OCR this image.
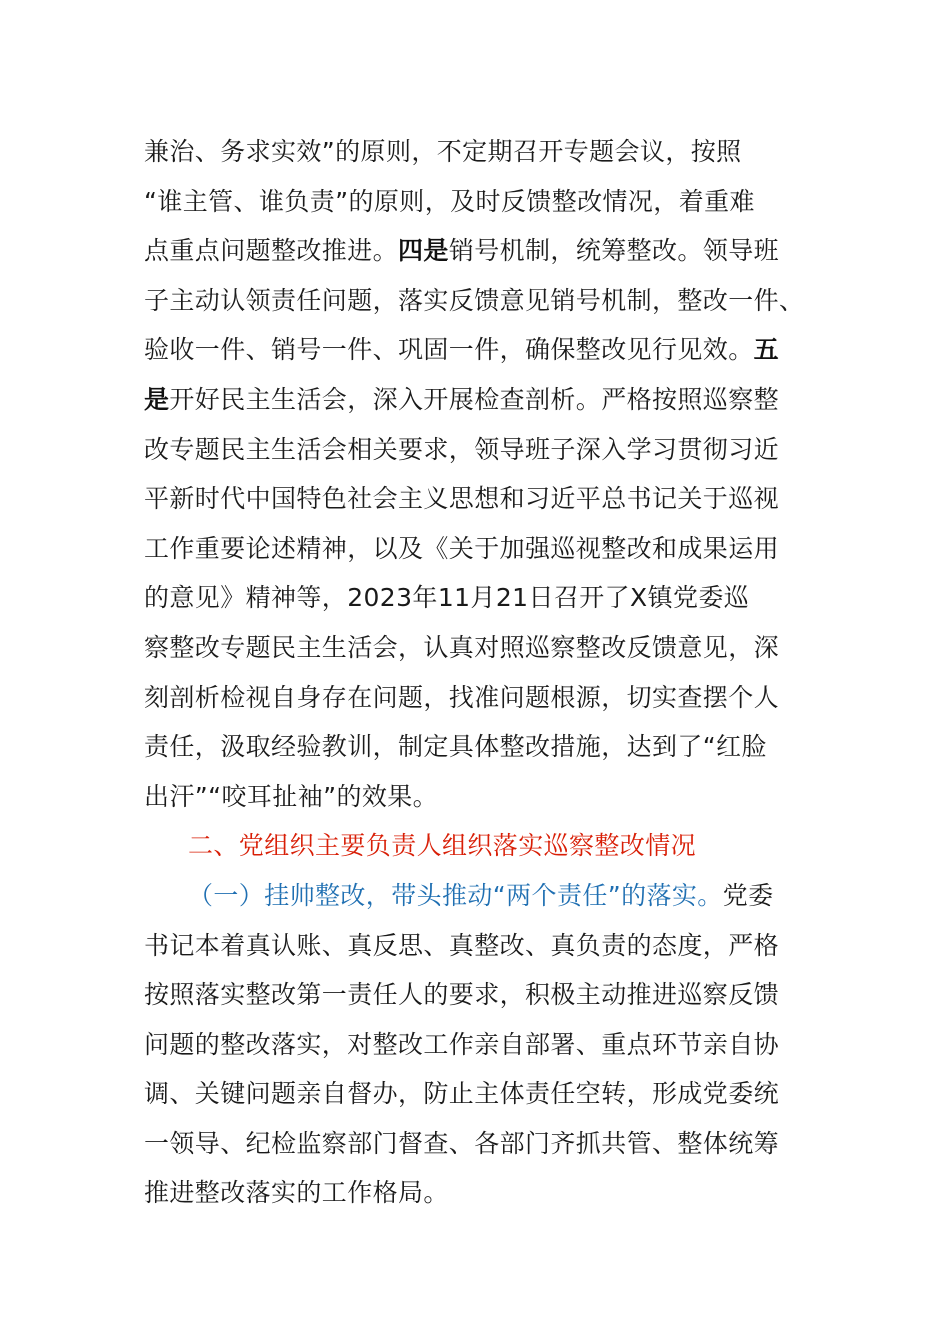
兼治、务求实效”的原则，不定期召开专题会议，按照
“谁主管、谁负责”的原则，及时反馈整改情况，着重难
点重点问题整改推进。四是销号机制，统筹整改。领导班
子主动认领责任问题，落实反馈意见销号机制，整改一件、
验收一件、销号一件、巩固一件，确保整改见行见效。五
是开好民主生活会，深入开展检查剖析。严格按照巡察整
改专题民主生活会相关要求，领导班子深入学习贯彻习近
平新时代中国特色社会主义思想和习近平总书记关于巡视
工作重要论述精神，以及《关于加强巡视整改和成果运用
的意见》精神等，2023年11月21日召开了X镇党委巡
察整改专题民主生活会，认真对照巡察整改反馈意见，深
刻剖析检视自身存在问题，找准问题根源，切实查摆个人
责任，汲取经验教训，制定具体整改措施，达到了“红脸
出汗”“咬耳扯袖”的效果。
二、党组织主要负责人组织落实巡察整改情况
（一）挂帅整改，带头推动“两个责任”的落实。党委
书记本着真认账、真反思、真整改、真负责的态度，严格
按照落实整改第一责任人的要求，积极主动推进巡察反馈
问题的整改落实，对整改工作亲自部署、重点环节亲自协
调、关键问题亲自督办，防止主体责任空转，形成党委统
一领导、纪检监察部门督查、各部门齐抓共管、整体统筹
推进整改落实的工作格局。
